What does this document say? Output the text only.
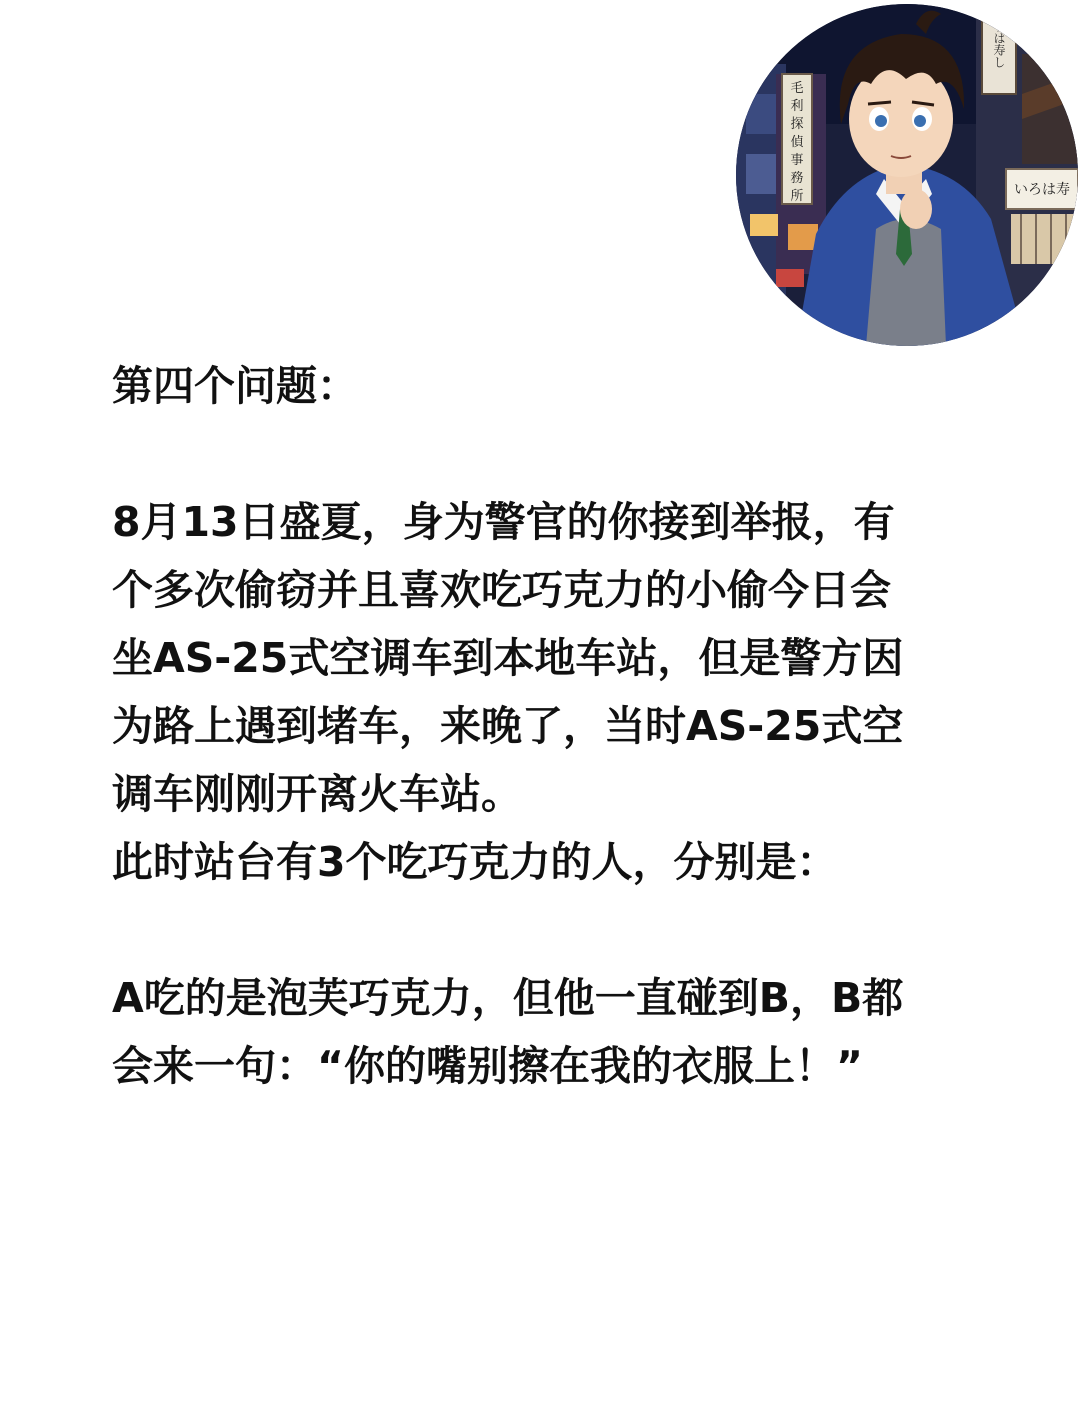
毛
利
探
偵
事
務
所
うは寿し
いろは寿
第四个问题：
8月13日盛夏，身为警官的你接到举报，有
个多次偷窃并且喜欢吃巧克力的小偷今日会
坐AS-25式空调车到本地车站，但是警方因
为路上遇到堵车，来晚了，当时AS-25式空
调车刚刚开离火车站。
此时站台有3个吃巧克力的人，分别是：
A吃的是泡芙巧克力，但他一直碰到B，B都
会来一句：“你的嘴别擦在我的衣服上！”
